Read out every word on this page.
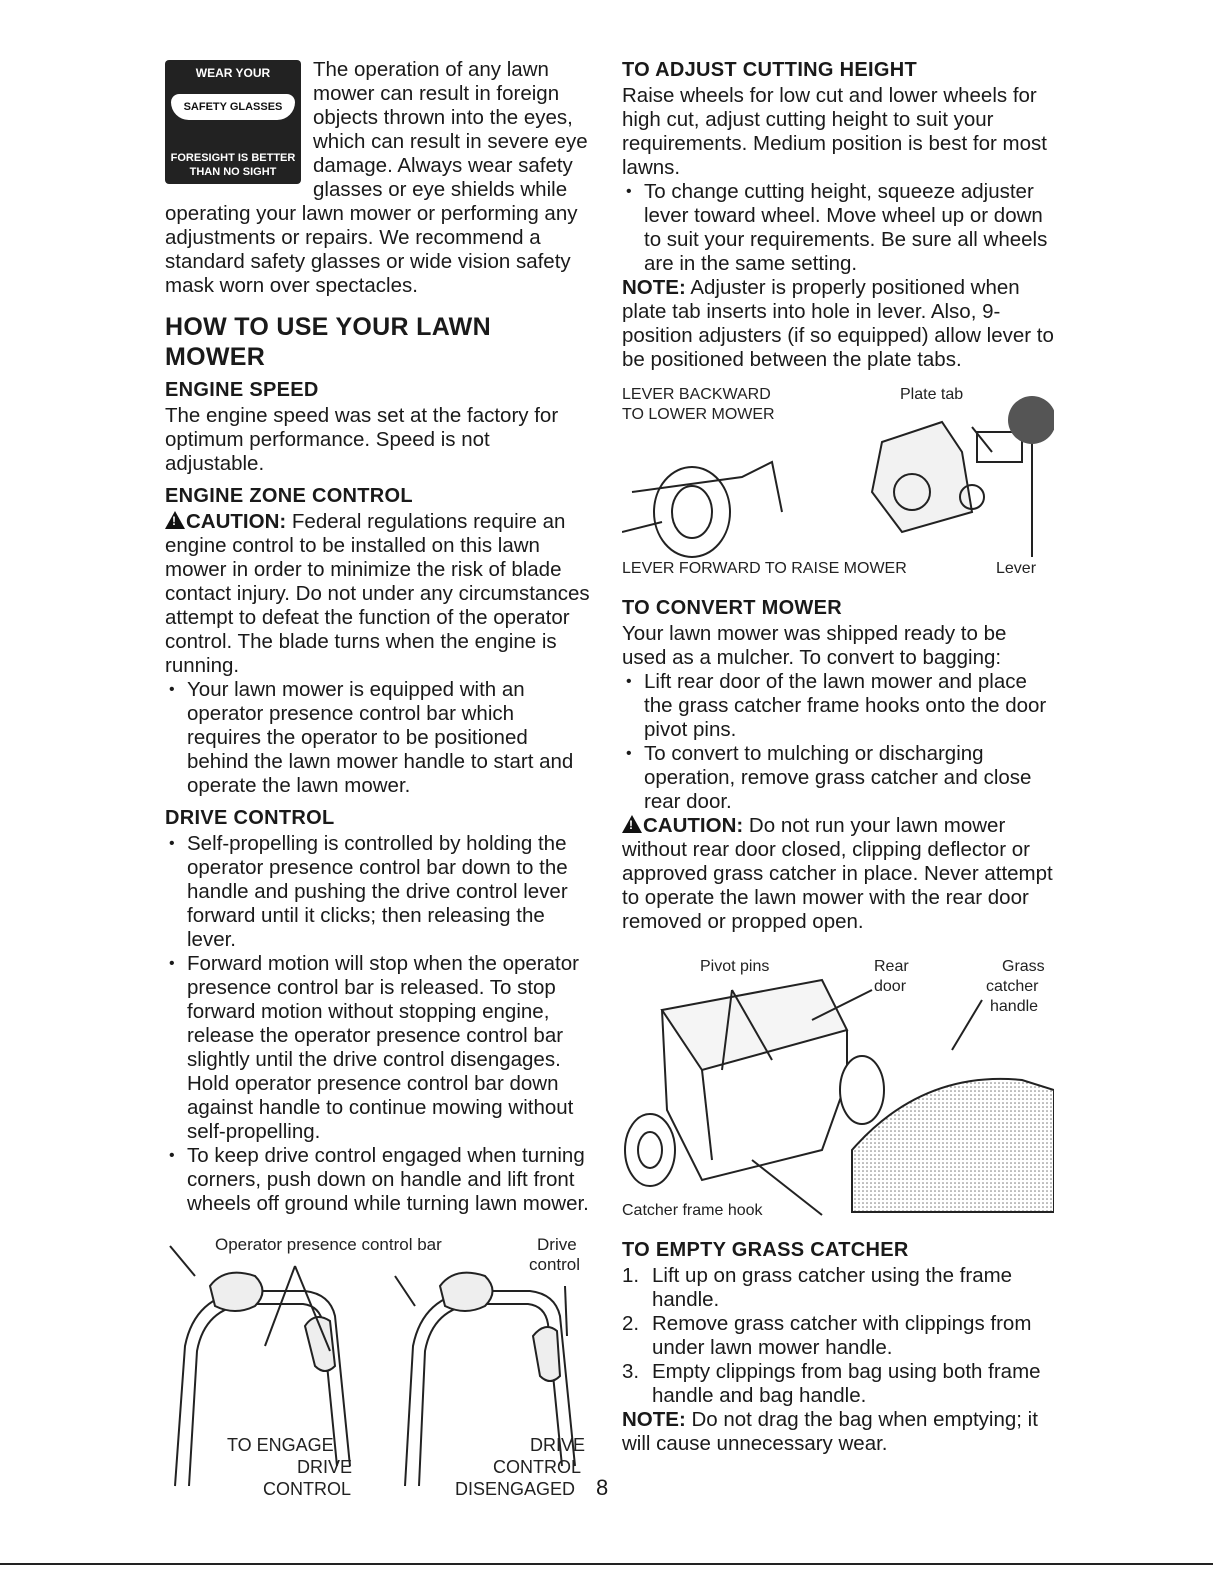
WEAR YOUR
SAFETY GLASSES
FORESIGHT IS BETTER
THAN NO SIGHT

The operation of any lawn mower can result in foreign objects thrown into the eyes, which can result in severe eye damage. Always wear safety glasses or eye shields while operating your lawn mower or performing any adjustments or repairs. We recommend a standard safety glasses or wide vision safety mask worn over spectacles.

HOW TO USE YOUR LAWN MOWER
ENGINE SPEED

The engine speed was set at the factory for optimum performance. Speed is not adjustable.

ENGINE ZONE CONTROL

!CAUTION: Federal regulations require an engine control to be installed on this lawn mower in order to minimize the risk of blade contact injury. Do not under any circumstances attempt to defeat the function of the operator control. The blade turns when the engine is running.

• Your lawn mower is equipped with an operator presence control bar which requires the operator to be positioned behind the lawn mower handle to start and operate the lawn mower.
DRIVE CONTROL
• Self-propelling is controlled by holding the operator presence control bar down to the handle and pushing the drive control lever forward until it clicks; then releasing the lever.
• Forward motion will stop when the operator presence control bar is released. To stop forward motion without stopping engine, release the operator presence control bar slightly until the drive control disengages. Hold operator presence control bar down against handle to continue mowing without self-propelling.
• To keep drive control engaged when turning corners, push down on handle and lift front wheels off ground while turning lawn mower.
Operator presence control bar	Drive
control
TO ENGAGE
DRIVE
CONTROL
DRIVE
CONTROL
DISENGAGED
TO ADJUST CUTTING HEIGHT

Raise wheels for low cut and lower wheels for high cut, adjust cutting height to suit your requirements. Medium position is best for most lawns.

• To change cutting height, squeeze adjuster lever toward wheel. Move wheel up or down to suit your requirements. Be sure all wheels are in the same setting.

NOTE: Adjuster is properly positioned when plate tab inserts into hole in lever. Also, 9-position adjusters (if so equipped) allow lever to be positioned between the plate tabs.

LEVER BACKWARD
TO LOWER MOWER
Plate tab
LEVER FORWARD TO RAISE MOWER	Lever
TO CONVERT MOWER

Your lawn mower was shipped ready to be used as a mulcher. To convert to bagging:

• Lift rear door of the lawn mower and place the grass catcher frame hooks onto the door pivot pins.
• To convert to mulching or discharging operation, remove grass catcher and close rear door.

!CAUTION: Do not run your lawn mower without rear door closed, clipping deflector or approved grass catcher in place. Never attempt to operate the lawn mower with the rear door removed or propped open.

Pivot pins	Rear
door
Grass
catcher
handle
Catcher frame hook
TO EMPTY GRASS CATCHER
1. Lift up on grass catcher using the frame handle.
2. Remove grass catcher with clippings from under lawn mower handle.
3. Empty clippings from bag using both frame handle and bag handle.

NOTE: Do not drag the bag when emptying; it will cause unnecessary wear.

8
